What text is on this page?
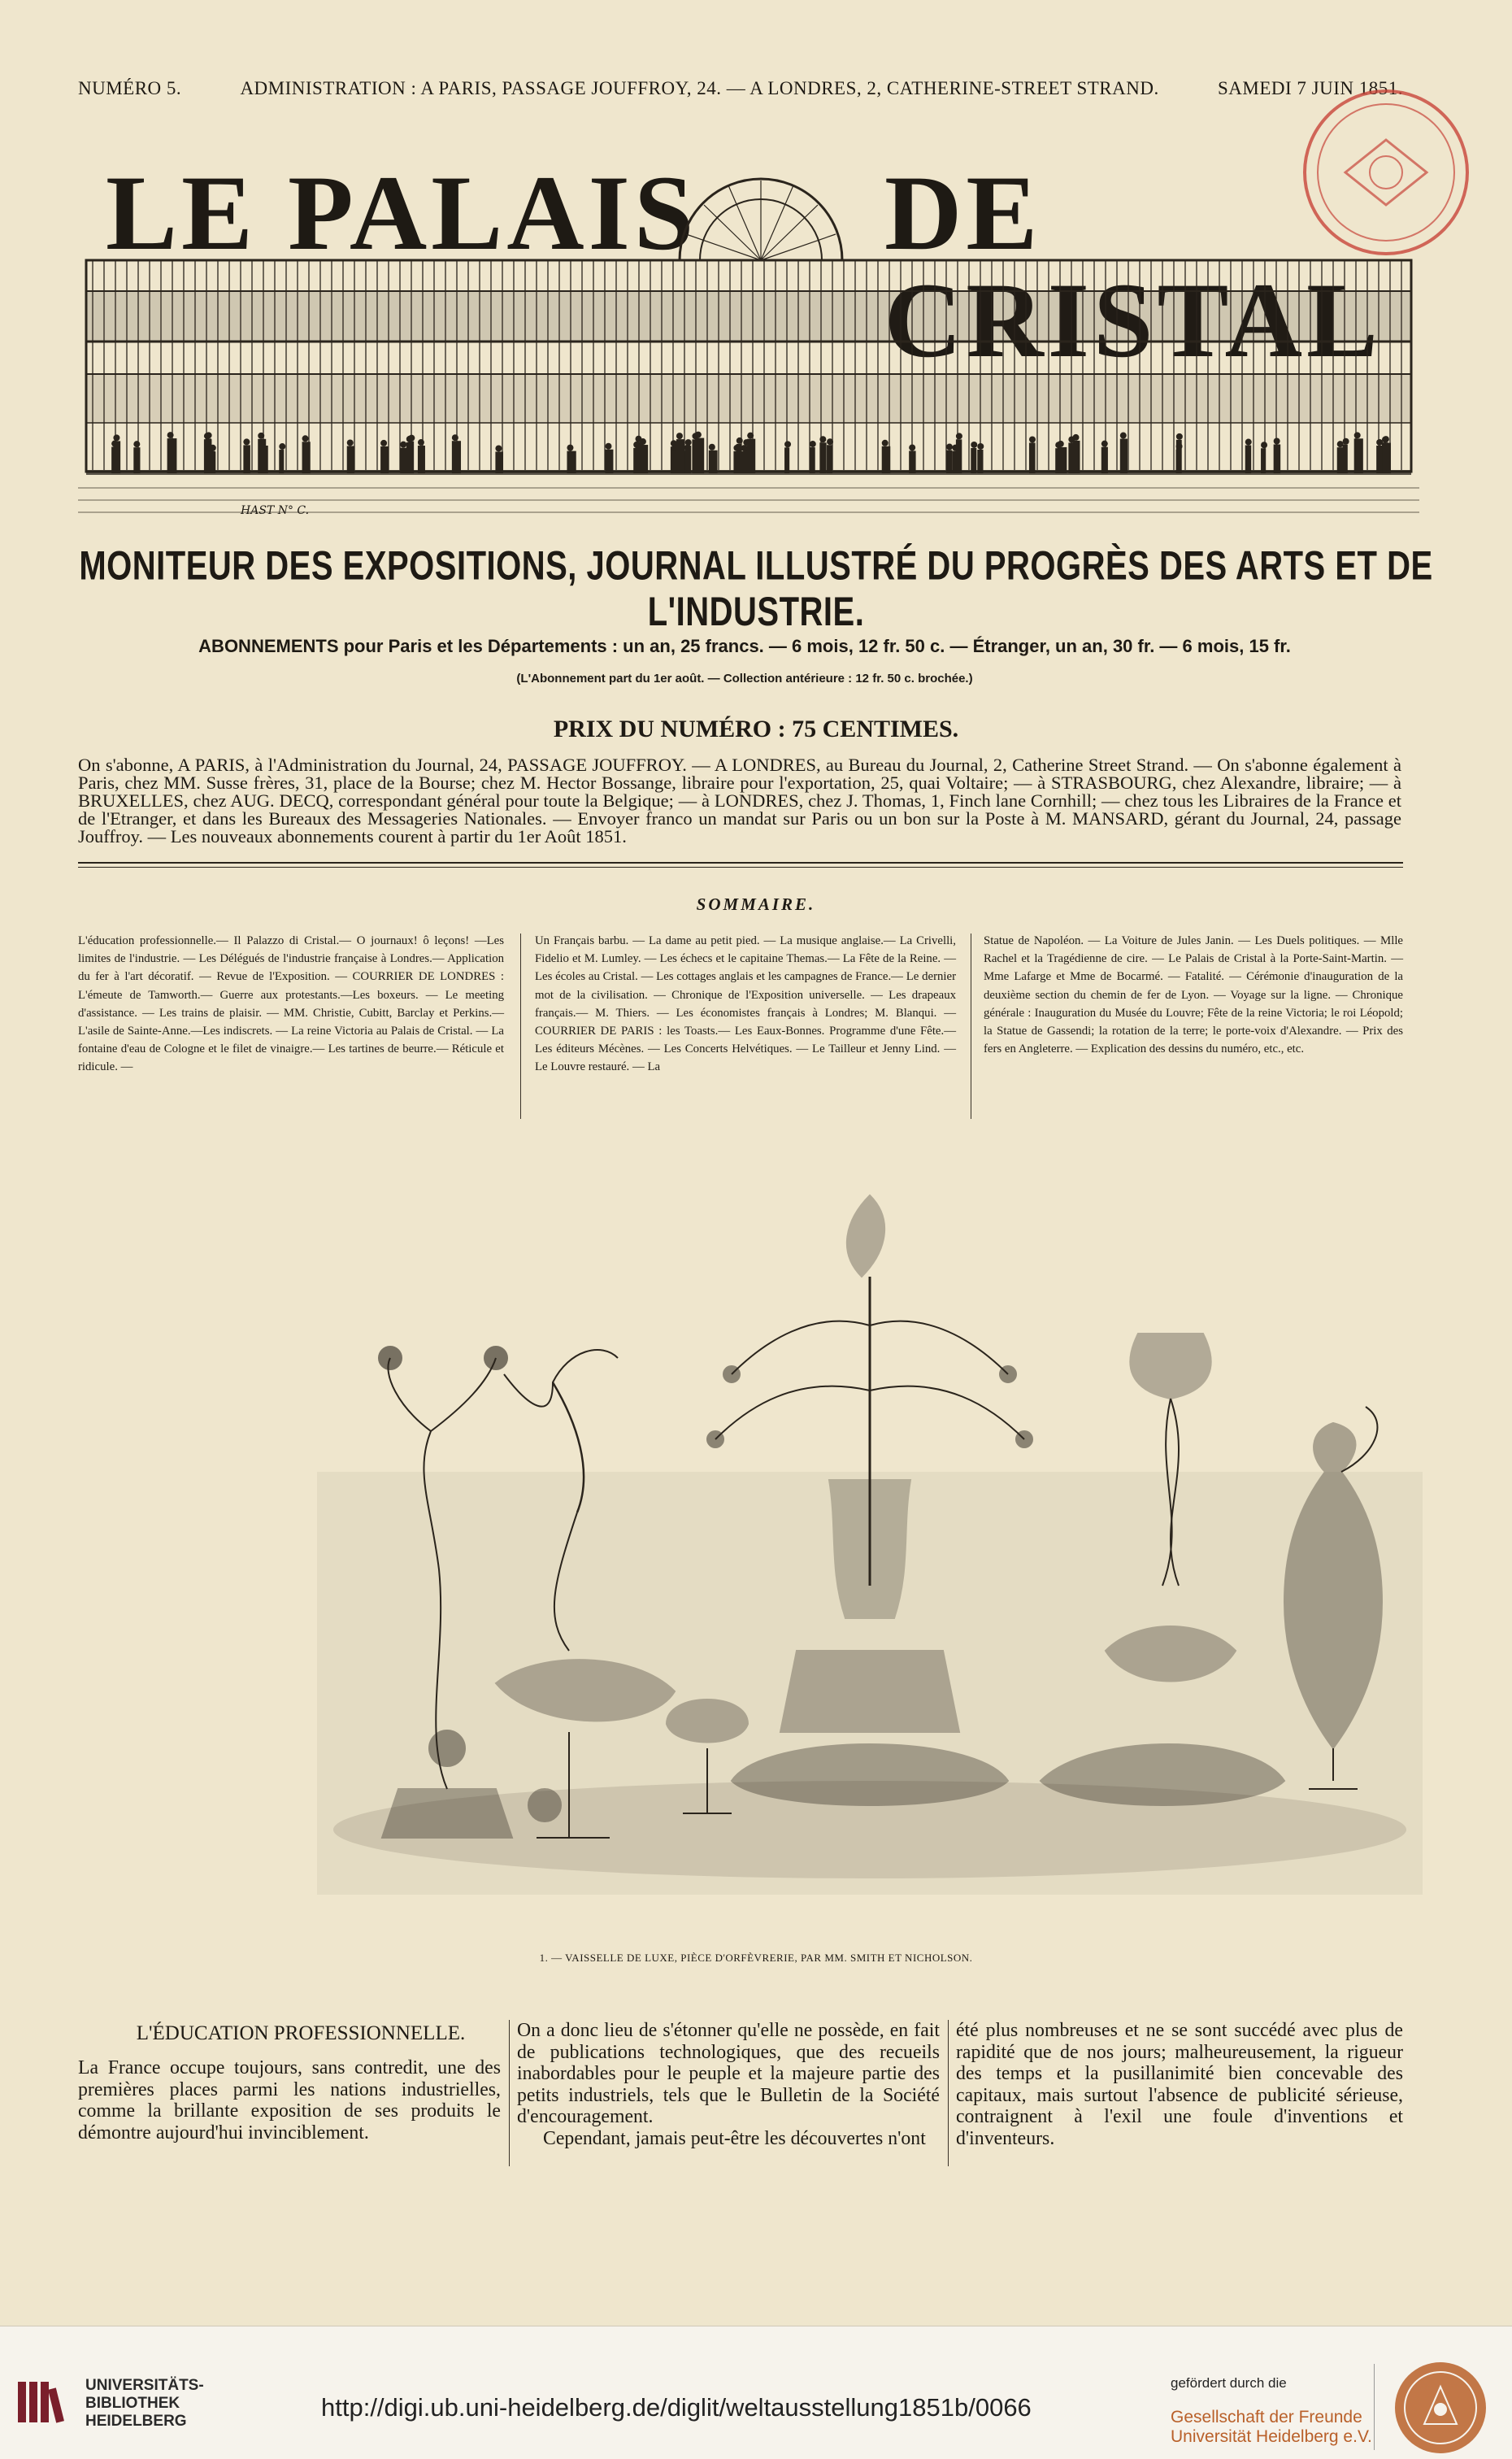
NUMÉRO 5.	ADMINISTRATION : A PARIS, PASSAGE JOUFFROY, 24. — A LONDRES, 2, CATHERINE-STREET STRAND.	SAMEDI 7 JUIN 1851.
LE PALAIS DE CRISTAL
HAST N° C.
MONITEUR DES EXPOSITIONS, JOURNAL ILLUSTRÉ DU PROGRÈS DES ARTS ET DE L'INDUSTRIE.
ABONNEMENTS pour Paris et les Départements : un an, 25 francs. — 6 mois, 12 fr. 50 c. — Étranger, un an, 30 fr. — 6 mois, 15 fr.
(L'Abonnement part du 1er août. — Collection antérieure : 12 fr. 50 c. brochée.)
PRIX DU NUMÉRO : 75 CENTIMES.
On s'abonne, A PARIS, à l'Administration du Journal, 24, PASSAGE JOUFFROY. — A LONDRES, au Bureau du Journal, 2, Catherine Street Strand. — On s'abonne également à Paris, chez MM. Susse frères, 31, place de la Bourse; chez M. Hector Bossange, libraire pour l'exportation, 25, quai Voltaire; — à STRASBOURG, chez Alexandre, libraire; — à BRUXELLES, chez AUG. DECQ, correspondant général pour toute la Belgique; — à LONDRES, chez J. Thomas, 1, Finch lane Cornhill; — chez tous les Libraires de la France et de l'Etranger, et dans les Bureaux des Messageries Nationales. — Envoyer franco un mandat sur Paris ou un bon sur la Poste à M. MANSARD, gérant du Journal, 24, passage Jouffroy. — Les nouveaux abonnements courent à partir du 1er Août 1851.
SOMMAIRE.
L'éducation professionnelle.— Il Palazzo di Cristal.— O journaux! ô leçons! —Les limites de l'industrie. — Les Délégués de l'industrie française à Londres.— Application du fer à l'art décoratif. — Revue de l'Exposition. — COURRIER DE LONDRES : L'émeute de Tamworth.— Guerre aux protestants.—Les boxeurs. — Le meeting d'assistance. — Les trains de plaisir. — MM. Christie, Cubitt, Barclay et Perkins.— L'asile de Sainte-Anne.—Les indiscrets. — La reine Victoria au Palais de Cristal. — La fontaine d'eau de Cologne et le filet de vinaigre.— Les tartines de beurre.— Réticule et ridicule. —
Un Français barbu. — La dame au petit pied. — La musique anglaise.— La Crivelli, Fidelio et M. Lumley. — Les échecs et le capitaine Themas.— La Fête de la Reine. — Les écoles au Cristal. — Les cottages anglais et les campagnes de France.— Le dernier mot de la civilisation. — Chronique de l'Exposition universelle. — Les drapeaux français.— M. Thiers. — Les économistes français à Londres; M. Blanqui. — COURRIER DE PARIS : les Toasts.— Les Eaux-Bonnes. Programme d'une Fête.— Les éditeurs Mécènes. — Les Concerts Helvétiques. — Le Tailleur et Jenny Lind. — Le Louvre restauré. — La
Statue de Napoléon. — La Voiture de Jules Janin. — Les Duels politiques. — Mlle Rachel et la Tragédienne de cire. — Le Palais de Cristal à la Porte-Saint-Martin. — Mme Lafarge et Mme de Bocarmé. — Fatalité. — Cérémonie d'inauguration de la deuxième section du chemin de fer de Lyon. — Voyage sur la ligne. — Chronique générale : Inauguration du Musée du Louvre; Fête de la reine Victoria; le roi Léopold; la Statue de Gassendi; la rotation de la terre; le porte-voix d'Alexandre. — Prix des fers en Angleterre. — Explication des dessins du numéro, etc., etc.
1. — VAISSELLE DE LUXE, PIÈCE D'ORFÈVRERIE, PAR MM. SMITH ET NICHOLSON.
L'ÉDUCATION PROFESSIONNELLE.
La France occupe toujours, sans contredit, une des premières places parmi les nations industrielles, comme la brillante exposition de ses produits le démontre aujourd'hui invinciblement.
On a donc lieu de s'étonner qu'elle ne possède, en fait de publications technologiques, que des recueils inabordables pour le peuple et la majeure partie des petits industriels, tels que le Bulletin de la Société d'encouragement.
Cependant, jamais peut-être les découvertes n'ont
été plus nombreuses et ne se sont succédé avec plus de rapidité que de nos jours; malheureusement, la rigueur des temps et la pusillanimité bien concevable des capitaux, mais surtout l'absence de publicité sérieuse, contraignent à l'exil une foule d'inventions et d'inventeurs.
UNIVERSITÄTS-
BIBLIOTHEK
HEIDELBERG	http://digi.ub.uni-heidelberg.de/diglit/weltausstellung1851b/0066
gefördert durch die
Gesellschaft der Freunde
Universität Heidelberg e.V.
